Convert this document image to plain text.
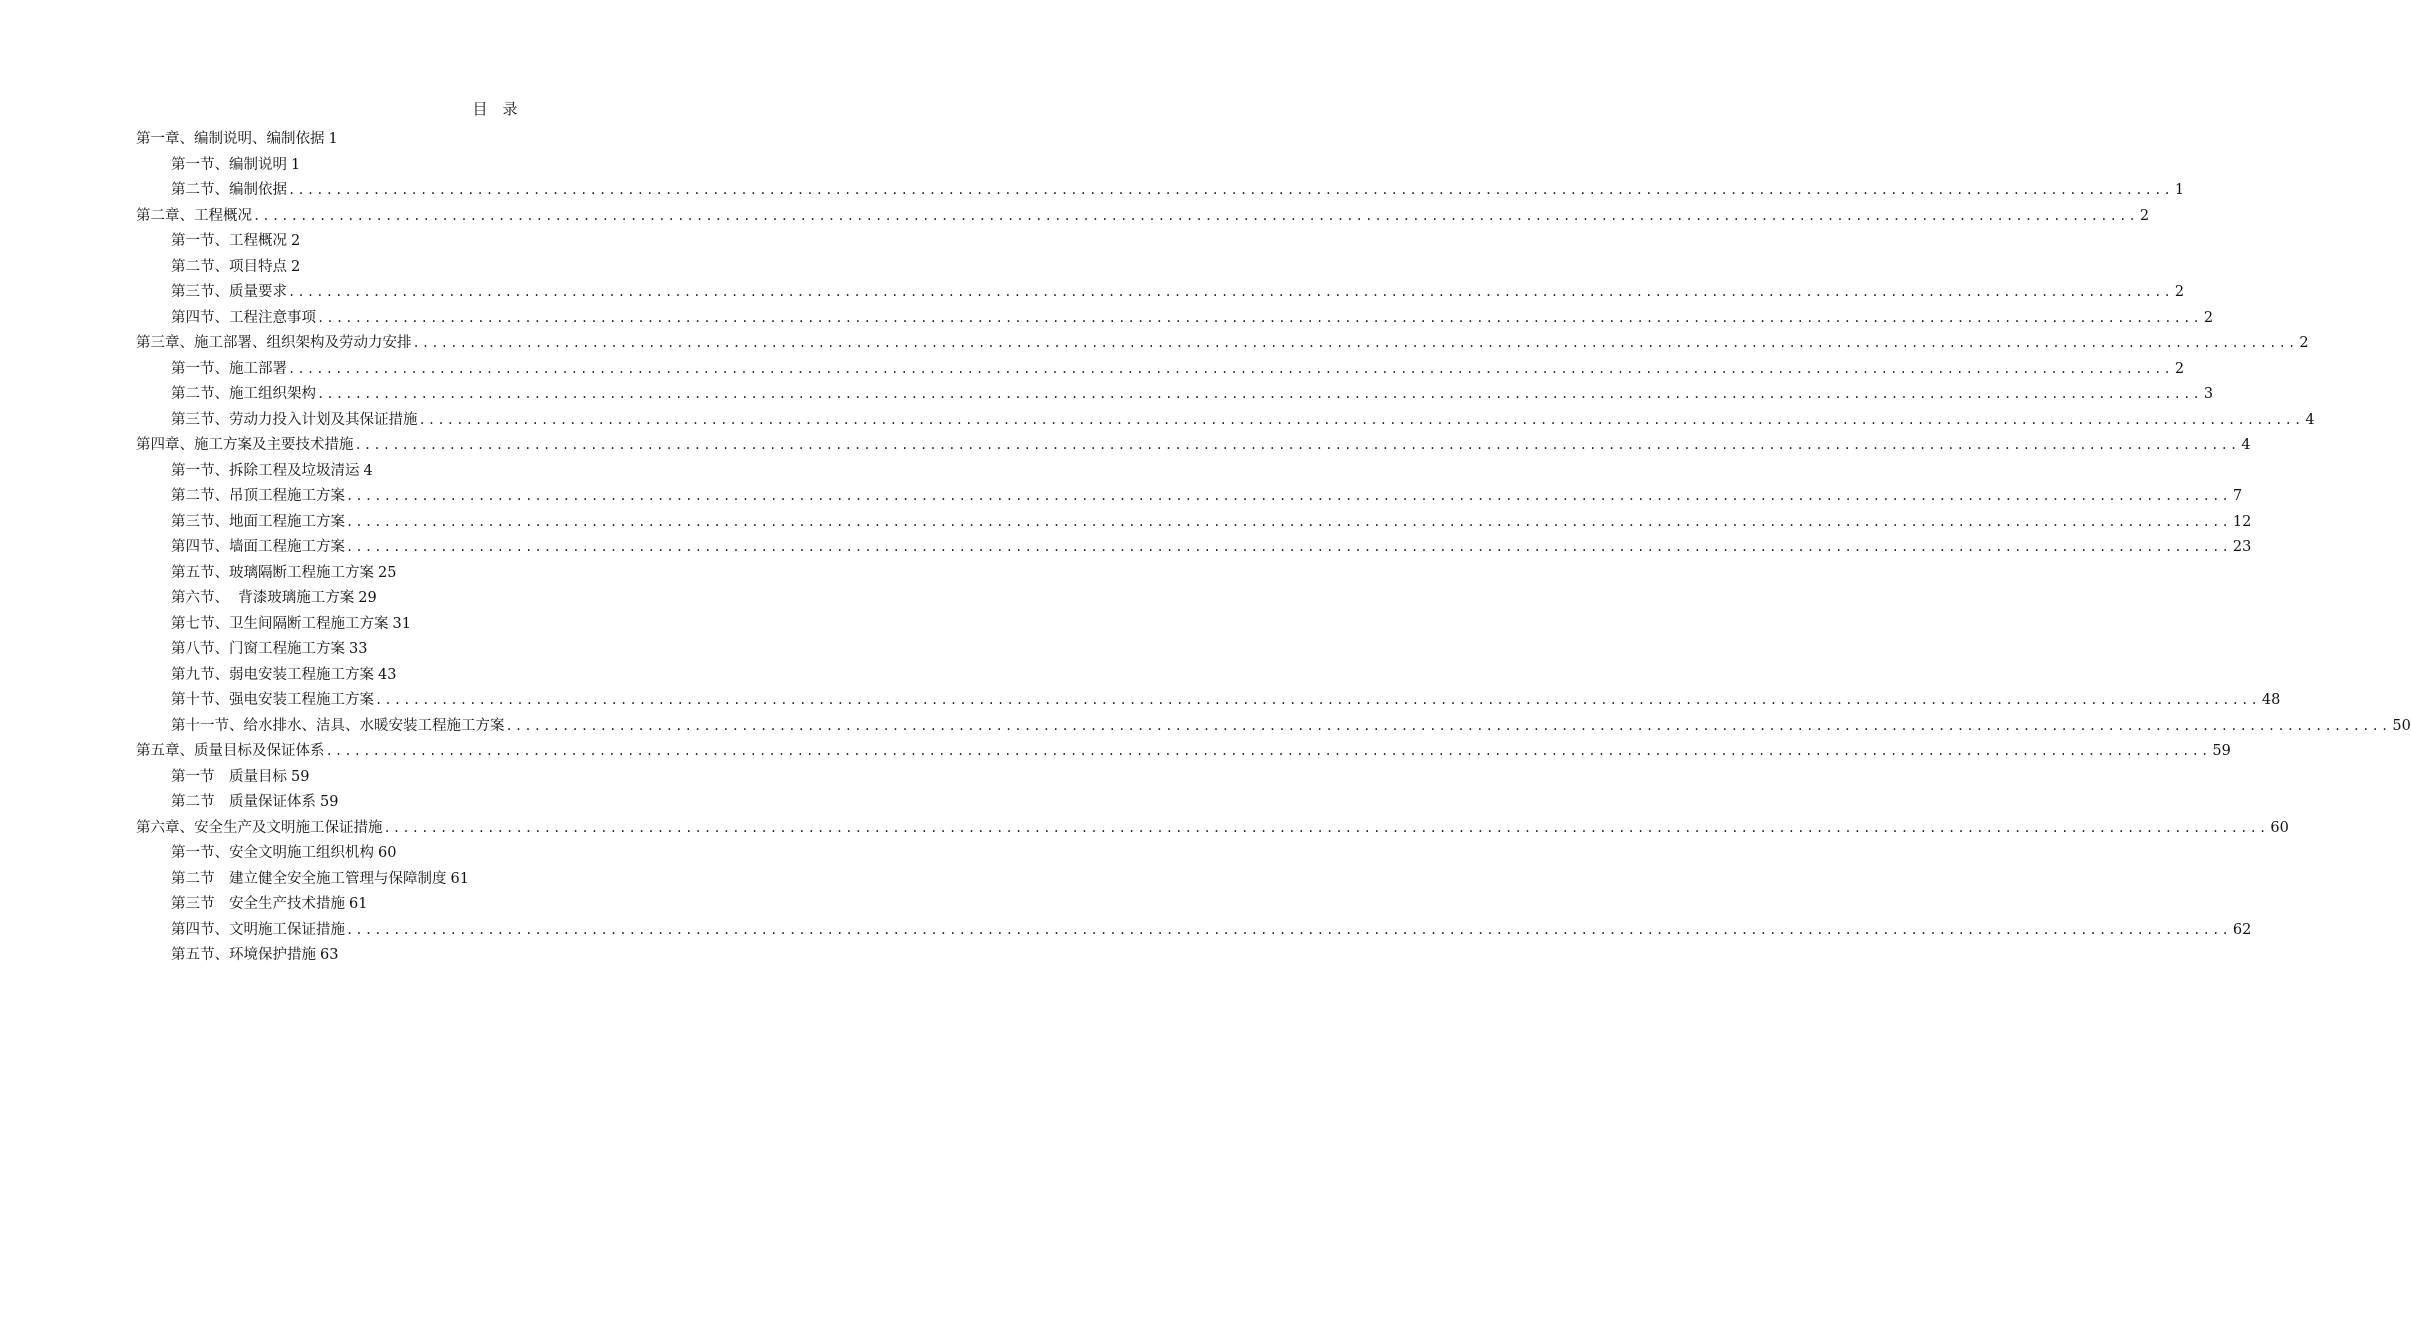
目　录
第一章、编制说明、编制依据 1
第一节、编制说明 1
第二节、编制依据 ........................................................................................................................................................................................................ 1
第二章、工程概况 ........................................................................................................................................................................................................ 2
第一节、工程概况 2
第二节、项目特点 2
第三节、质量要求 ........................................................................................................................................................................................................ 2
第四节、工程注意事项 ........................................................................................................................................................................................................ 2
第三章、施工部署、组织架构及劳动力安排 ........................................................................................................................................................................................................ 2
第一节、施工部署 ........................................................................................................................................................................................................ 2
第二节、施工组织架构 ........................................................................................................................................................................................................ 3
第三节、劳动力投入计划及其保证措施 ........................................................................................................................................................................................................ 4
第四章、施工方案及主要技术措施 ........................................................................................................................................................................................................ 4
第一节、拆除工程及垃圾清运 4
第二节、吊顶工程施工方案 ........................................................................................................................................................................................................ 7
第三节、地面工程施工方案 ........................................................................................................................................................................................................ 12
第四节、墙面工程施工方案 ........................................................................................................................................................................................................ 23
第五节、玻璃隔断工程施工方案 25
第六节、  背漆玻璃施工方案 29
第七节、卫生间隔断工程施工方案 31
第八节、门窗工程施工方案 33
第九节、弱电安装工程施工方案 43
第十节、强电安装工程施工方案 ........................................................................................................................................................................................................ 48
第十一节、给水排水、洁具、水暖安装工程施工方案 ........................................................................................................................................................................................................ 50
第五章、质量目标及保证体系 ........................................................................................................................................................................................................ 59
第一节　质量目标 59
第二节　质量保证体系 59
第六章、安全生产及文明施工保证措施 ........................................................................................................................................................................................................ 60
第一节、安全文明施工组织机构 60
第二节　建立健全安全施工管理与保障制度 61
第三节　安全生产技术措施 61
第四节、文明施工保证措施 ........................................................................................................................................................................................................ 62
第五节、环境保护措施 63
